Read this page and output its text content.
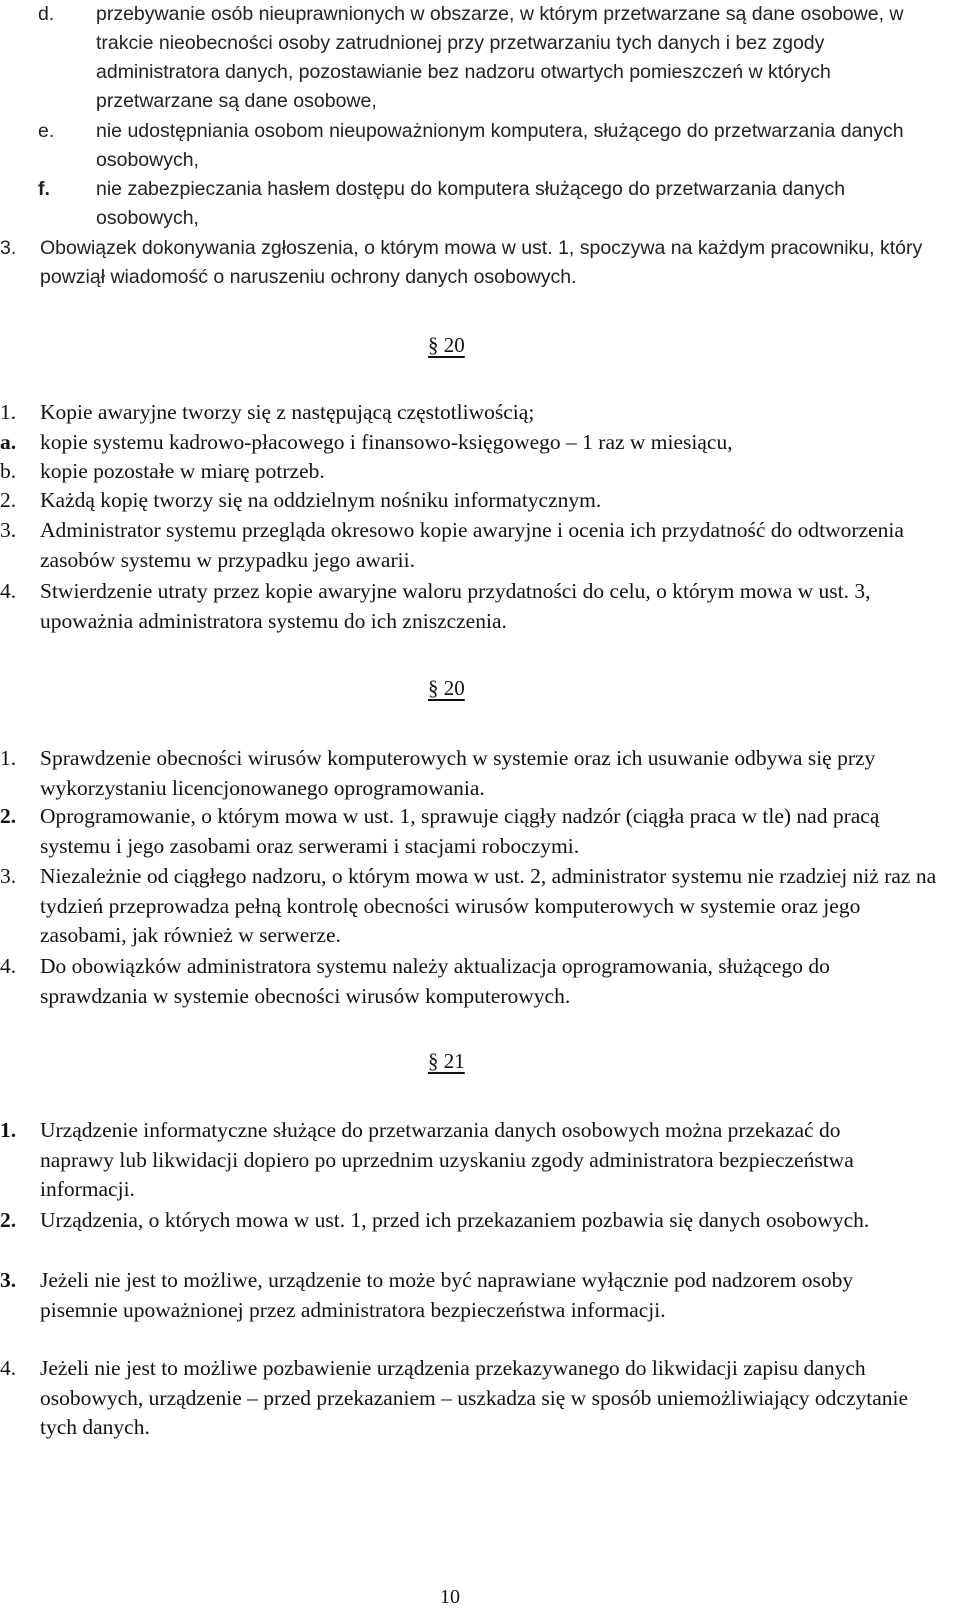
d.	przebywanie osób nieuprawnionych w obszarze, w którym przetwarzane są dane osobowe, w trakcie nieobecności osoby zatrudnionej przy przetwarzaniu tych danych i bez zgody administratora danych, pozostawianie bez nadzoru otwartych pomieszczeń w których przetwarzane są dane osobowe,
e.	nie udostępniania osobom nieupoważnionym komputera, służącego do przetwarzania danych osobowych,
f.	nie zabezpieczania hasłem dostępu do komputera służącego do przetwarzania danych osobowych,
3.	Obowiązek dokonywania zgłoszenia, o którym mowa w ust. 1, spoczywa na każdym pracowniku, który powziął wiadomość o naruszeniu ochrony danych osobowych.
§ 20
1.	Kopie awaryjne tworzy się z następującą częstotliwością;
a.	kopie systemu kadrowo-płacowego i finansowo-księgowego – 1 raz w miesiącu,
b.	kopie pozostałe w miarę potrzeb.
2.	Każdą kopię tworzy się na oddzielnym nośniku informatycznym.
3.	Administrator systemu przegląda okresowo kopie awaryjne i ocenia ich przydatność do odtworzenia zasobów systemu w przypadku jego awarii.
4.	Stwierdzenie utraty przez kopie awaryjne waloru przydatności do celu, o którym mowa w ust. 3, upoważnia administratora systemu do ich zniszczenia.
§ 20
1.	Sprawdzenie obecności wirusów komputerowych w systemie oraz ich usuwanie odbywa się przy wykorzystaniu licencjonowanego oprogramowania.
2.	Oprogramowanie, o którym mowa w ust. 1, sprawuje ciągły nadzór (ciągła praca w tle) nad pracą systemu i jego zasobami oraz serwerami i stacjami roboczymi.
3.	Niezależnie od ciągłego nadzoru, o którym mowa w ust. 2, administrator systemu nie rzadziej niż raz na tydzień przeprowadza pełną kontrolę obecności wirusów komputerowych w systemie oraz jego zasobami, jak również w serwerze.
4.	Do obowiązków administratora systemu należy aktualizacja oprogramowania, służącego do sprawdzania w systemie obecności wirusów komputerowych.
§ 21
1.	Urządzenie informatyczne służące do przetwarzania danych osobowych można przekazać do naprawy lub likwidacji dopiero po uprzednim uzyskaniu zgody administratora bezpieczeństwa informacji.
2.	Urządzenia, o których mowa w ust. 1, przed ich przekazaniem pozbawia się danych osobowych.
3.	Jeżeli nie jest to możliwe, urządzenie to może być naprawiane wyłącznie pod nadzorem osoby pisemnie upoważnionej przez administratora bezpieczeństwa informacji.
4.	Jeżeli nie jest to możliwe pozbawienie urządzenia przekazywanego do likwidacji zapisu danych osobowych, urządzenie – przed przekazaniem – uszkadza się w sposób uniemożliwiający odczytanie tych danych.
10
